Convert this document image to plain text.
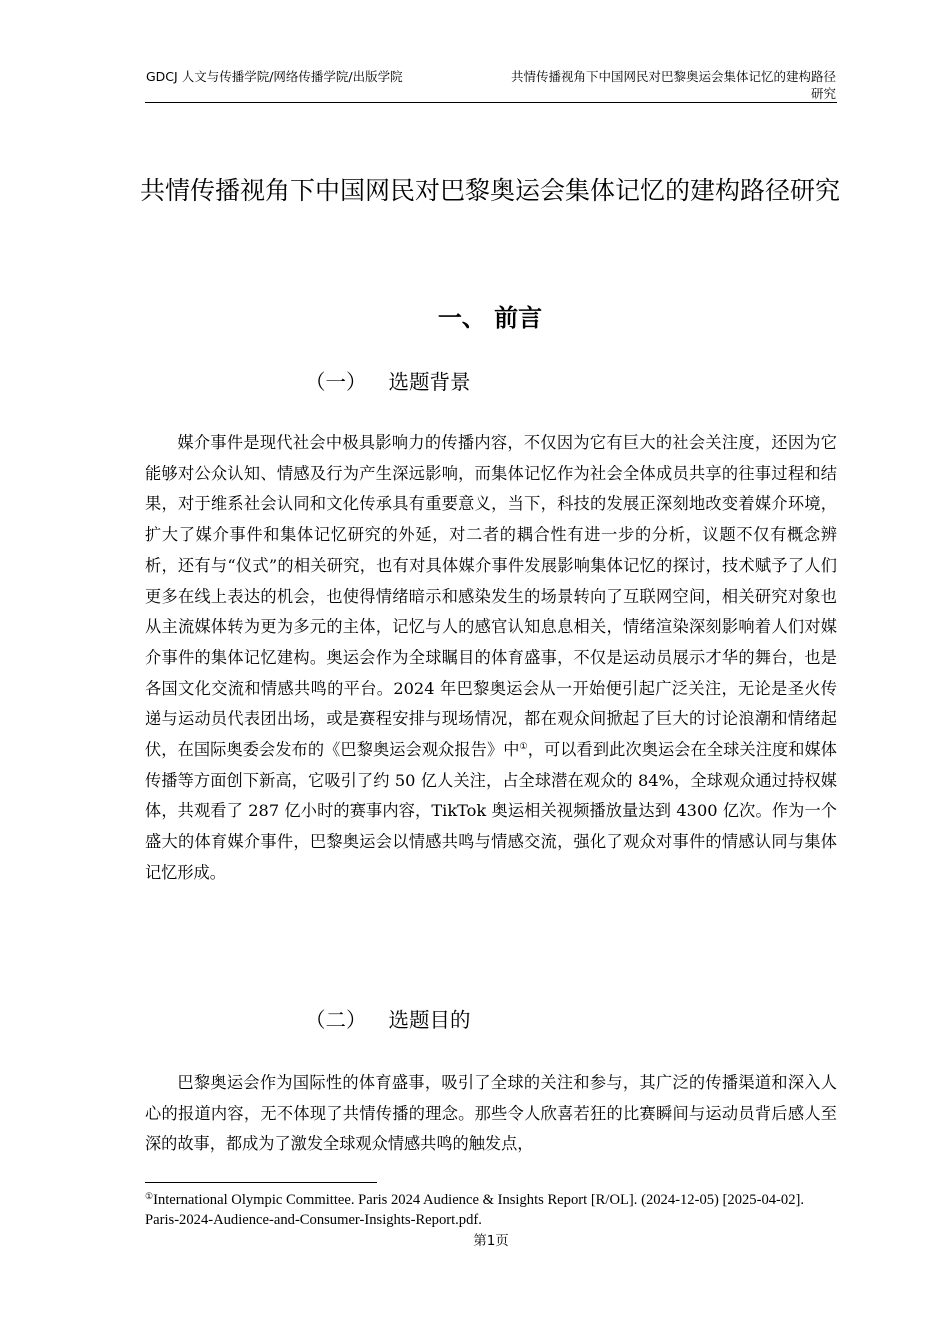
GDCJ 人文与传播学院/网络传播学院/出版学院	共情传播视角下中国网民对巴黎奥运会集体记忆的建构路径研究
共情传播视角下中国网民对巴黎奥运会集体记忆的建构路径研究
一、 前言
（一） 选题背景

媒介事件是现代社会中极具影响力的传播内容，不仅因为它有巨大的社会关注度，还因为它能够对公众认知、情感及行为产生深远影响，而集体记忆作为社会全体成员共享的往事过程和结果，对于维系社会认同和文化传承具有重要意义，当下，科技的发展正深刻地改变着媒介环境，扩大了媒介事件和集体记忆研究的外延，对二者的耦合性有进一步的分析，议题不仅有概念辨析，还有与“仪式”的相关研究，也有对具体媒介事件发展影响集体记忆的探讨，技术赋予了人们更多在线上表达的机会，也使得情绪暗示和感染发生的场景转向了互联网空间，相关研究对象也从主流媒体转为更为多元的主体，记忆与人的感官认知息息相关，情绪渲染深刻影响着人们对媒介事件的集体记忆建构。奥运会作为全球瞩目的体育盛事，不仅是运动员展示才华的舞台，也是各国文化交流和情感共鸣的平台。2024 年巴黎奥运会从一开始便引起广泛关注，无论是圣火传递与运动员代表团出场，或是赛程安排与现场情况，都在观众间掀起了巨大的讨论浪潮和情绪起伏，在国际奥委会发布的《巴黎奥运会观众报告》中①，可以看到此次奥运会在全球关注度和媒体传播等方面创下新高，它吸引了约 50 亿人关注，占全球潜在观众的 84%，全球观众通过持权媒体，共观看了 287 亿小时的赛事内容，TikTok 奥运相关视频播放量达到 4300 亿次。作为一个盛大的体育媒介事件，巴黎奥运会以情感共鸣与情感交流，强化了观众对事件的情感认同与集体记忆形成。

（二） 选题目的

巴黎奥运会作为国际性的体育盛事，吸引了全球的关注和参与，其广泛的传播渠道和深入人心的报道内容，无不体现了共情传播的理念。那些令人欣喜若狂的比赛瞬间与运动员背后感人至深的故事，都成为了激发全球观众情感共鸣的触发点，

①International Olympic Committee. Paris 2024 Audience & Insights Report [R/OL]. (2024-12-05) [2025-04-02]. Paris-2024-Audience-and-Consumer-Insights-Report.pdf.
第1页
